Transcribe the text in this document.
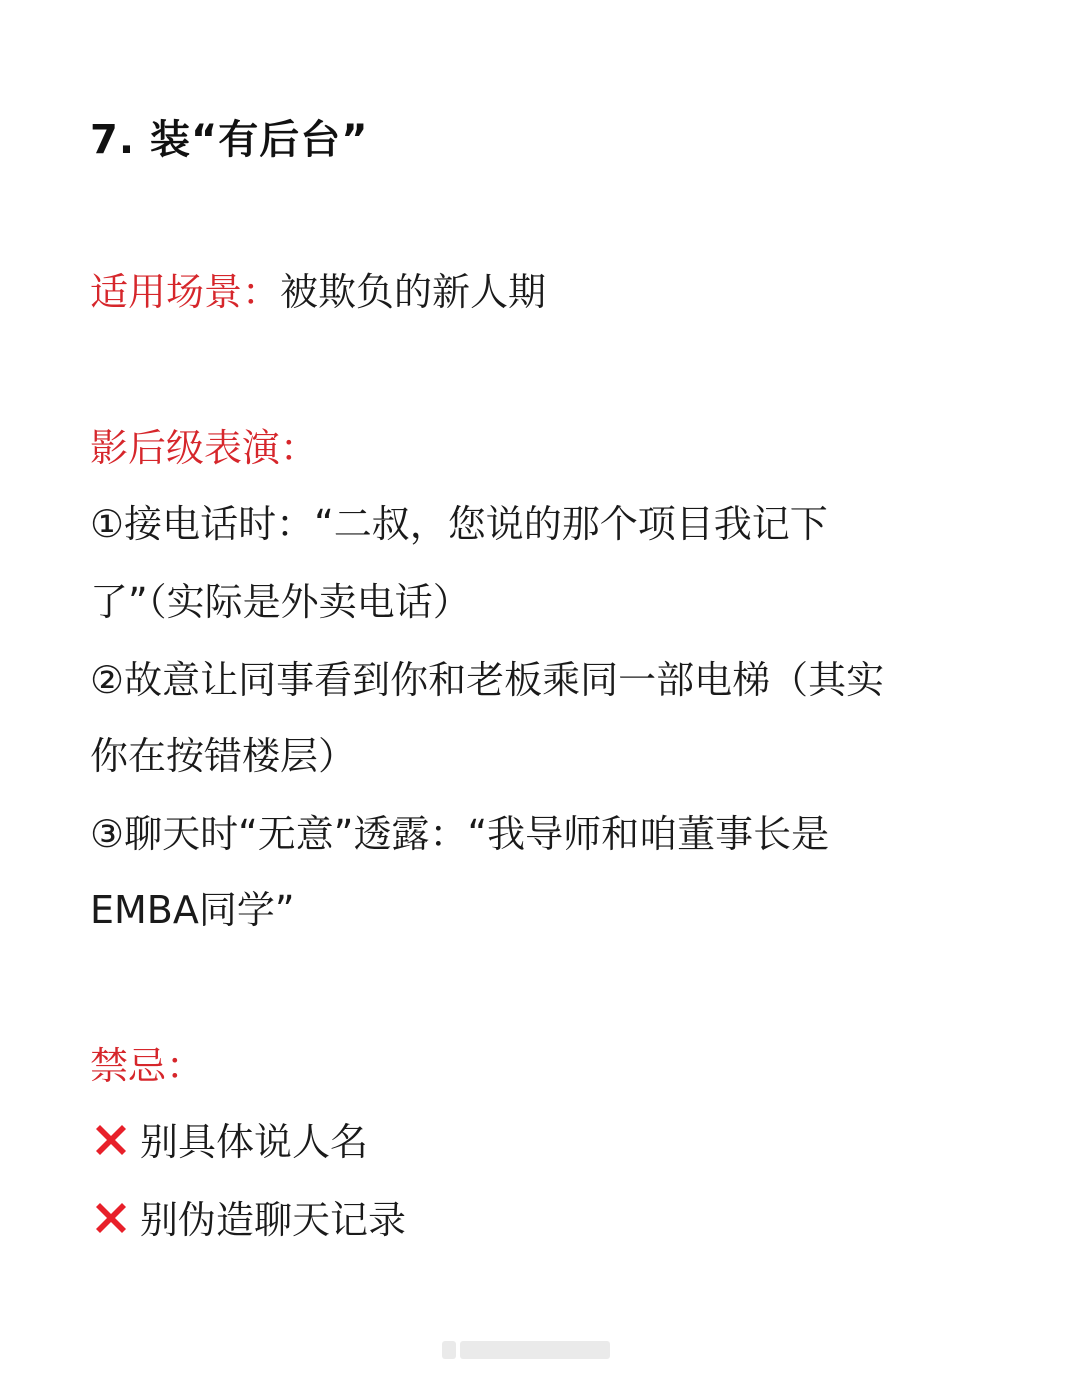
7. 装“有后台”
适用场景：被欺负的新人期
影后级表演：
①接电话时：“二叔，您说的那个项目我记下
了”（实际是外卖电话）
②故意让同事看到你和老板乘同一部电梯（其实
你在按错楼层）
③聊天时“无意”透露：“我导师和咱董事长是
EMBA同学”
禁忌：
别具体说人名
别伪造聊天记录
